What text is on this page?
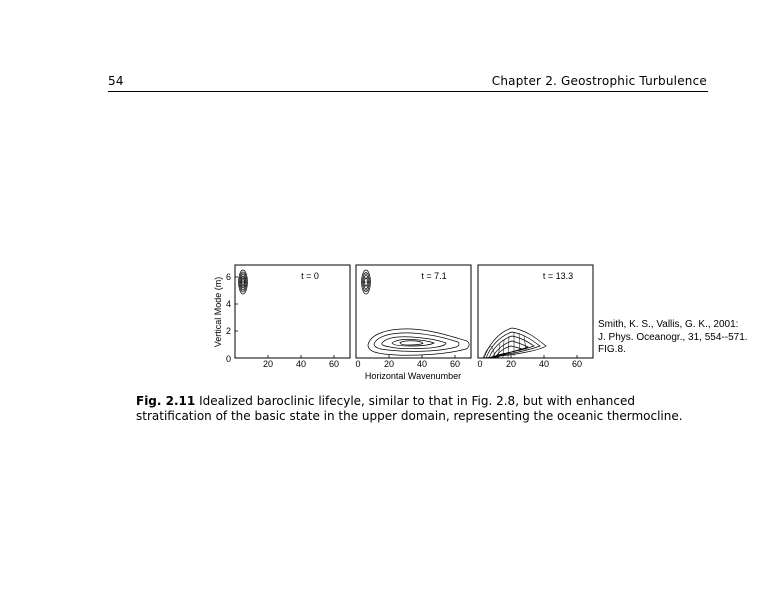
54	Chapter 2. Geostrophic Turbulence
Vertical Mode (m)
0
2
4
6
20	40	60 0	20	40	60 0	20	40	60
Horizontal Wavenumber
t = 0	t = 7.1	t = 13.3
Smith, K. S., Vallis, G. K., 2001:
J. Phys. Oceanogr., 31, 554--571.
FIG.8.
Fig. 2.11 Idealized baroclinic lifecyle, similar to that in Fig. 2.8, but with enhanced stratification of the basic state in the upper domain, representing the oceanic thermocline.
